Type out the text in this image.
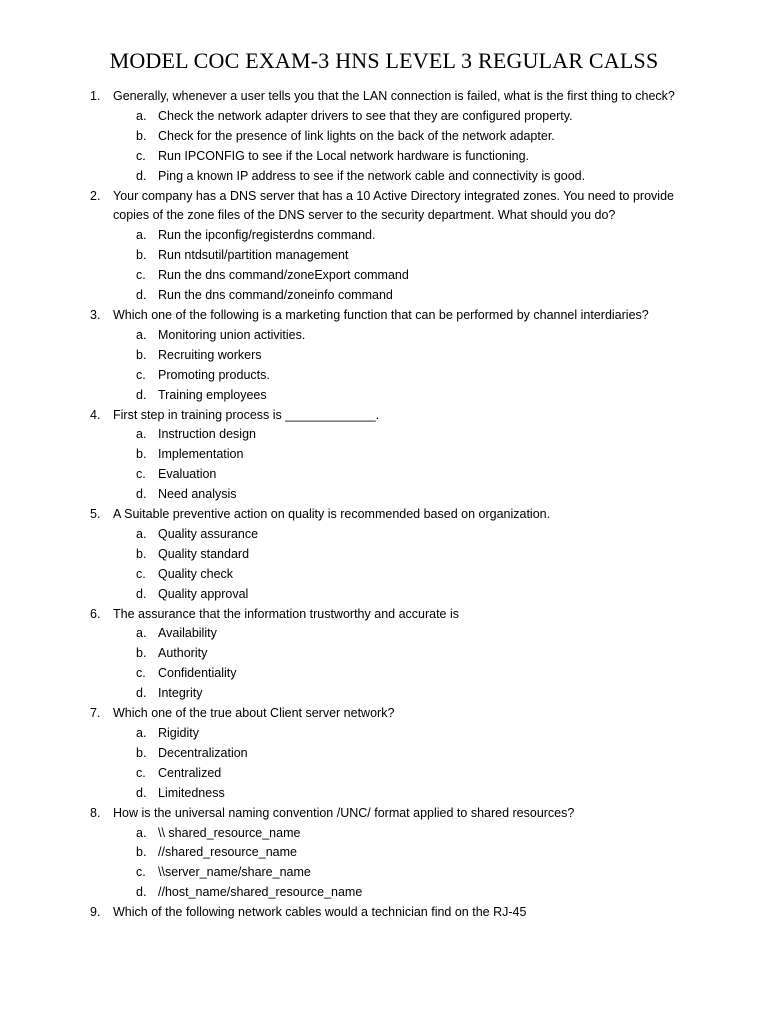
MODEL COC EXAM-3 HNS LEVEL 3 REGULAR CALSS
1. Generally, whenever a user tells you that the LAN connection is failed, what is the first thing to check?
a. Check the network adapter drivers to see that they are configured property.
b. Check for the presence of link lights on the back of the network adapter.
c. Run IPCONFIG to see if the Local network hardware is functioning.
d. Ping a known IP address to see if the network cable and connectivity is good.
2. Your company has a DNS server that has a 10 Active Directory integrated zones. You need to provide copies of the zone files of the DNS server to the security department. What should you do?
a. Run the ipconfig/registerdns command.
b. Run ntdsutil/partition management
c. Run the dns command/zoneExport command
d. Run the dns command/zoneinfo command
3. Which one of the following is a marketing function that can be performed by channel interdiaries?
a. Monitoring union activities.
b. Recruiting workers
c. Promoting products.
d. Training employees
4. First step in training process is _____________.
a. Instruction design
b. Implementation
c. Evaluation
d. Need analysis
5. A Suitable preventive action on quality is recommended based on organization.
a. Quality assurance
b. Quality standard
c. Quality check
d. Quality approval
6. The assurance that the information trustworthy and accurate is
a. Availability
b. Authority
c. Confidentiality
d. Integrity
7. Which one of the true about Client server network?
a. Rigidity
b. Decentralization
c. Centralized
d. Limitedness
8. How is the universal naming convention /UNC/ format applied to shared resources?
a. \\ shared_resource_name
b. //shared_resource_name
c. \\server_name/share_name
d. //host_name/shared_resource_name
9. Which of the following network cables would a technician find on the RJ-45
